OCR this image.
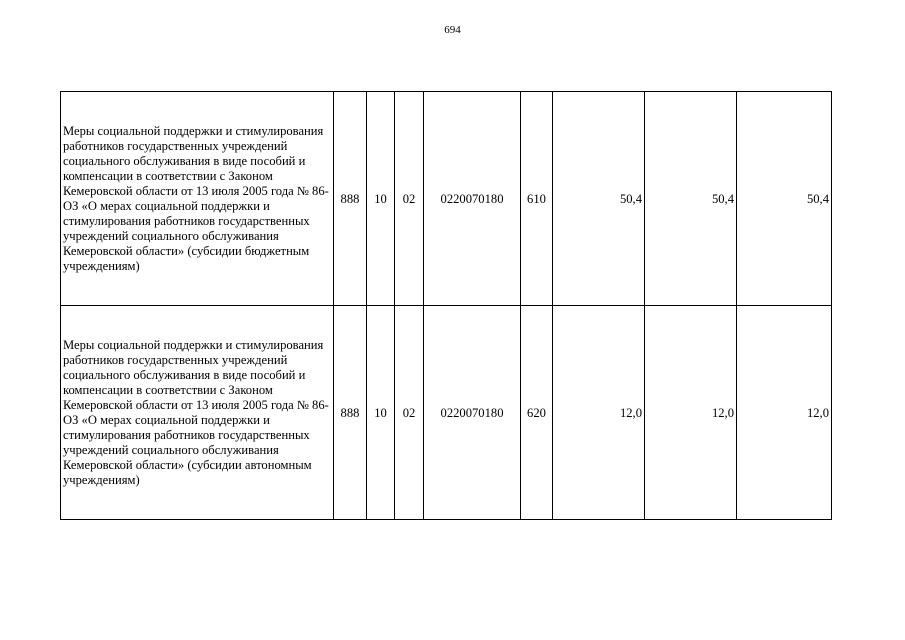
694
Меры социальной поддержки и стимулирования работников государственных учреждений социального обслуживания в виде пособий и компенсации в соответствии с Законом Кемеровской области от 13 июля 2005 года № 86-ОЗ «О мерах социальной поддержки и стимулирования работников государственных учреждений социального обслуживания Кемеровской области» (субсидии бюджетным учреждениям)	888	10	02	0220070180	610	50,4	50,4	50,4
Меры социальной поддержки и стимулирования работников государственных учреждений социального обслуживания в виде пособий и компенсации в соответствии с Законом Кемеровской области от 13 июля 2005 года № 86-ОЗ «О мерах социальной поддержки и стимулирования работников государственных учреждений социального обслуживания Кемеровской области» (субсидии автономным учреждениям)	888	10	02	0220070180	620	12,0	12,0	12,0
